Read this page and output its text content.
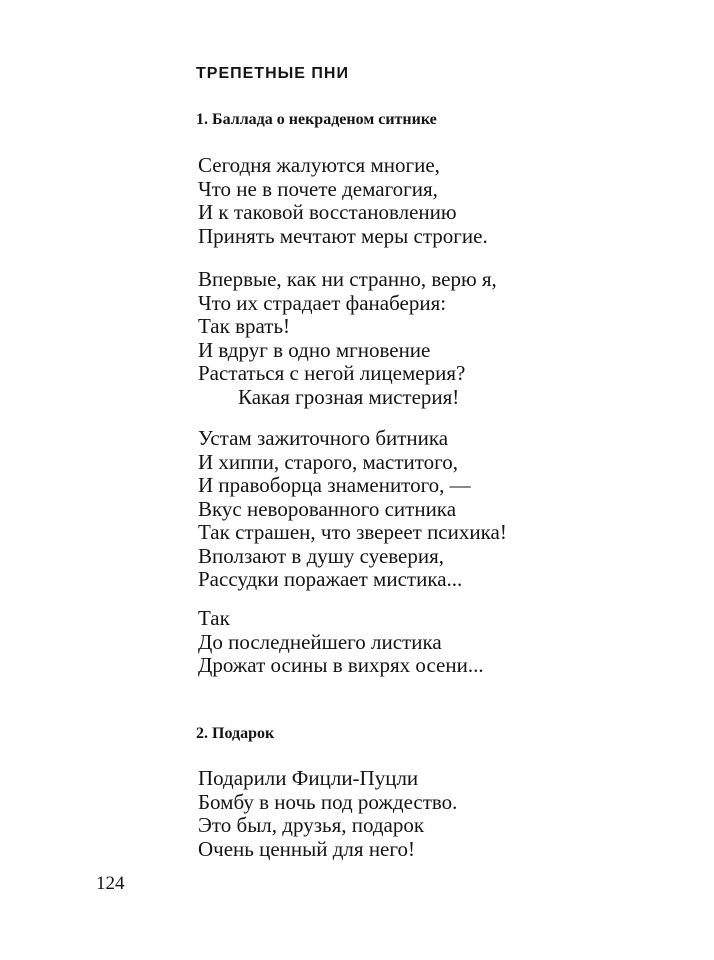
ТРЕПЕТНЫЕ ПНИ
1. Баллада о некраденом ситнике
Сегодня жалуются многие,
Что не в почете демагогия,
И к таковой восстановлению
Принять мечтают меры строгие.
Впервые, как ни странно, верю я,
Что их страдает фанаберия:
Так врать!
И вдруг в одно мгновение
Растаться с негой лицемерия?
Какая грозная мистерия!
Устам зажиточного битника
И хиппи, старого, маститого,
И правоборца знаменитого, —
Вкус неворованного ситника
Так страшен, что звереет психика!
Вползают в душу суеверия,
Рассудки поражает мистика...
Так
До последнейшего листика
Дрожат осины в вихрях осени...
2. Подарок
Подарили Фицли-Пуцли
Бомбу в ночь под рождество.
Это был, друзья, подарок
Очень ценный для него!
124
